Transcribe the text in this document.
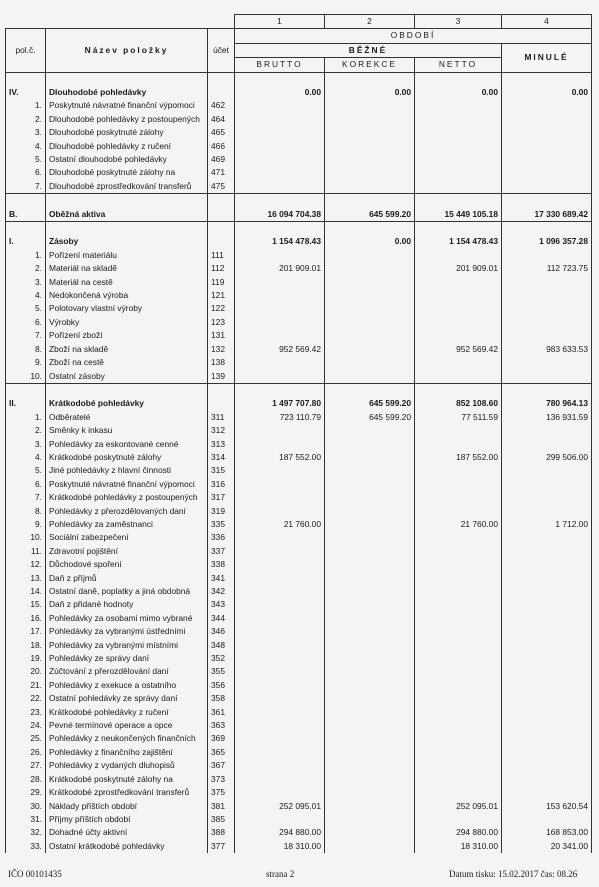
			1	2	3	4
pol.č.	Název položky	účet	OBDOBÍ			
			BĚŽNÉ			MINULÉ
			BRUTTO	KOREKCE	NETTO	

IV.	Dlouhodobé pohledávky		0.00	0.00	0.00	0.00
1.	Poskytnuté návratné finanční výpomoci	462				
2.	Dlouhodobé pohledávky z postoupených	464				
3.	Dlouhodobé poskytnuté zálohy	465				
4.	Dlouhodobé pohledávky z ručení	466				
5.	Ostatní dlouhodobé pohledávky	469				
6.	Dlouhodobé poskytnuté zálohy na	471				
7.	Dlouhodobé zprostředkování transferů	475				

B.	Oběžná aktiva		16 094 704.38	645 599.20	15 449 105.18	17 330 689.42

I.	Zásoby		1 154 478.43	0.00	1 154 478.43	1 096 357.28
1.	Pořízení materiálu	111				
2.	Materiál na skladě	112	201 909.01		201 909.01	112 723.75
3.	Materiál na cestě	119				
4.	Nedokončená výroba	121				
5.	Polotovary vlastní výroby	122				
6.	Výrobky	123				
7.	Pořízení zboží	131				
8.	Zboží na skladě	132	952 569.42		952 569.42	983 633.53
9.	Zboží na cestě	138				
10.	Ostatní zásoby	139				

II.	Krátkodobé pohledávky		1 497 707.80	645 599.20	852 108.60	780 964.13
1.	Odběratelé	311	723 110.79	645 599.20	77 511.59	136 931.59
2.	Směnky k inkasu	312				
3.	Pohledávky za eskontované cenné	313				
4.	Krátkodobé poskytnuté zálohy	314	187 552.00		187 552.00	299 506.00
5.	Jiné pohledávky z hlavní činnosti	315				
6.	Poskytnuté návratné finanční výpomoci	316				
7.	Krátkodobé pohledávky z postoupených	317				
8.	Pohledávky z přerozdělovaných daní	319				
9.	Pohledávky za zaměstnanci	335	21 760.00		21 760.00	1 712.00
10.	Sociální zabezpečení	336				
11.	Zdravotní pojištění	337				
12.	Důchodové spoření	338				
13.	Daň z příjmů	341				
14.	Ostatní daně, poplatky a jiná obdobná	342				
15.	Daň z přidané hodnoty	343				
16.	Pohledávky za osobami mimo vybrané	344				
17.	Pohledávky za vybranými ústředními	346				
18.	Pohledávky za vybranými místními	348				
19.	Pohledávky ze správy daní	352				
20.	Zúčtování z přerozdělování daní	355				
21.	Pohledávky z exekuce a ostatního	356				
22.	Ostatní pohledávky ze správy daní	358				
23.	Krátkodobé pohledávky z ručení	361				
24.	Pevné termínové operace a opce	363				
25.	Pohledávky z neukončených finančních	369				
26.	Pohledávky z finančního zajištění	365				
27.	Pohledávky z vydaných dluhopisů	367				
28.	Krátkodobé poskytnuté zálohy na	373				
29.	Krátkodobé zprostředkování transferů	375				
30.	Náklady příštích období	381	252 095.01		252 095.01	153 620.54
31.	Příjmy příštích období	385				
32.	Dohadné účty aktivní	388	294 880.00		294 880.00	168 853.00
33.	Ostatní krátkodobé pohledávky	377	18 310.00		18 310.00	20 341.00
IČO 00101435	strana 2	Datum tisku: 15.02.2017 čas: 08.26
